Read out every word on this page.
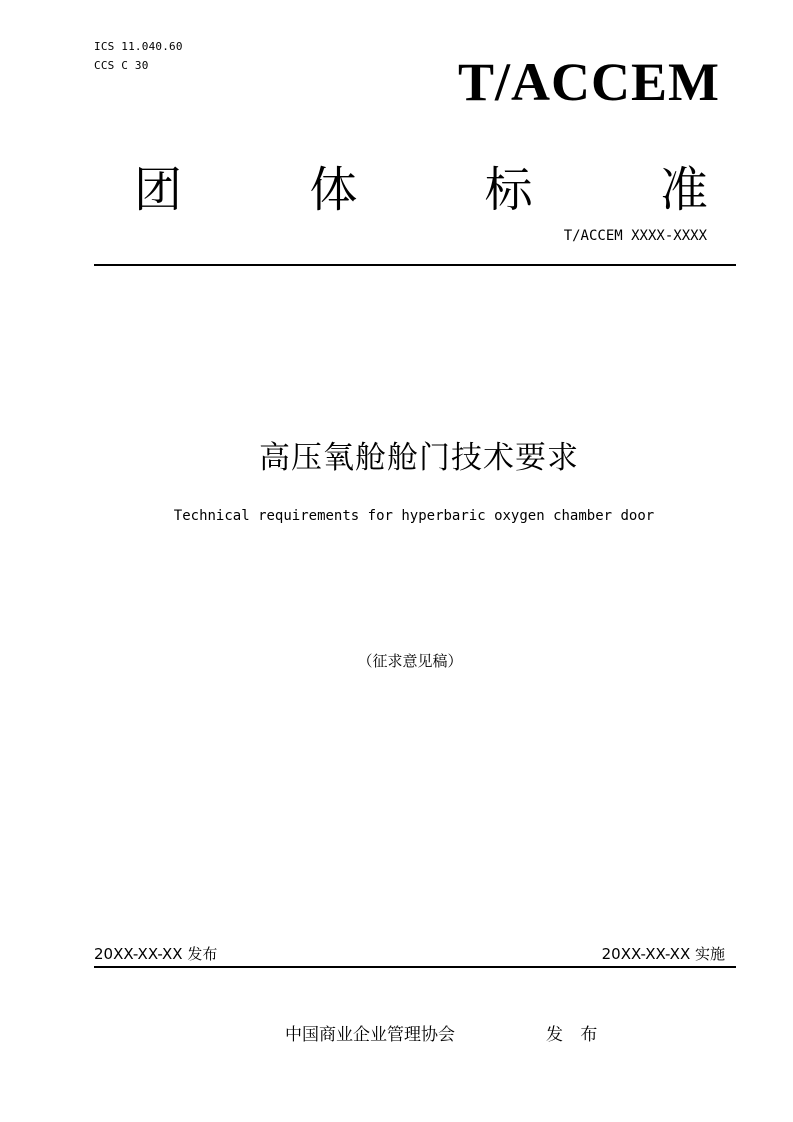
ICS 11.040.60
CCS C 30	T/ACCEM
团	体	标	准
T/ACCEM XXXX-XXXX
高压氧舱舱门技术要求
Technical requirements for hyperbaric oxygen chamber door
（征求意见稿）
20XX-XX-XX 发布	20XX-XX-XX 实施
中国商业企业管理协会	发 布
